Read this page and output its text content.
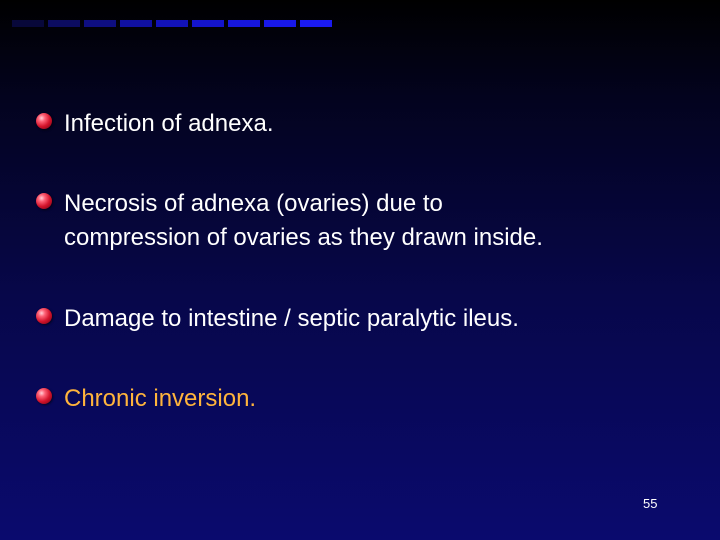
Infection of adnexa.
Necrosis of adnexa (ovaries) due to
compression of ovaries as they drawn inside.
Damage to intestine / septic paralytic ileus.
Chronic inversion.
55
